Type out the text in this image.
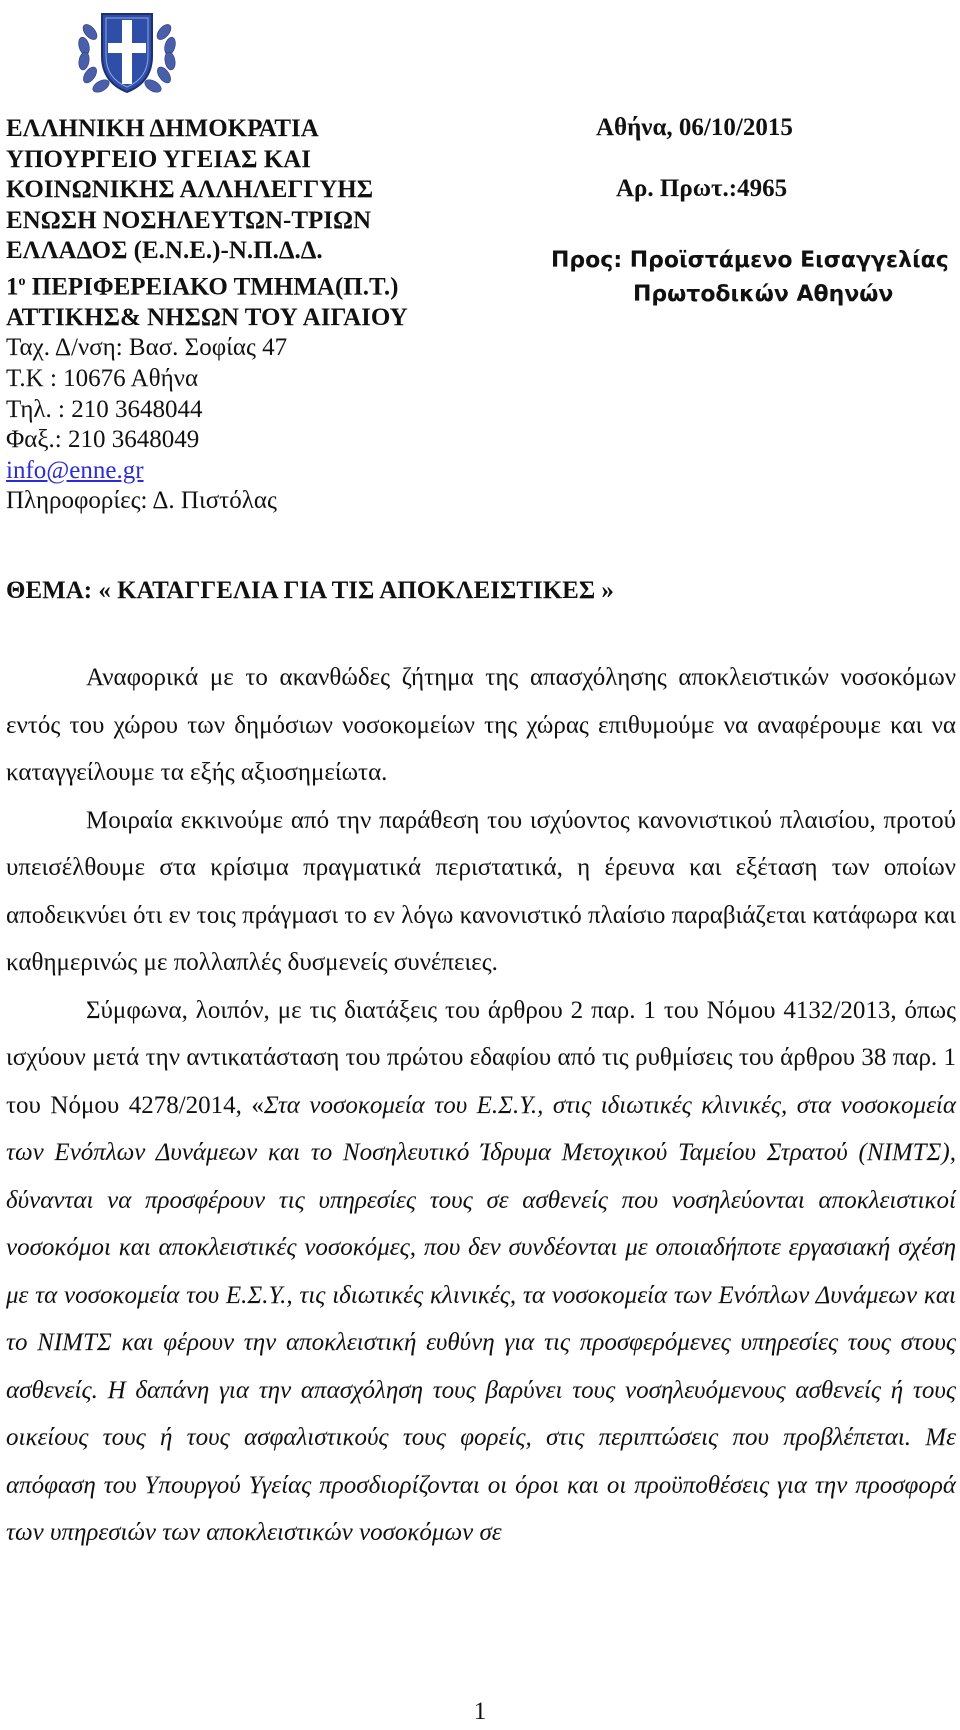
ΕΛΛΗΝΙΚΗ ΔΗΜΟΚΡΑΤΙΑ
ΥΠΟΥΡΓΕΙΟ ΥΓΕΙΑΣ ΚΑΙ
ΚΟΙΝΩΝΙΚΗΣ ΑΛΛΗΛΕΓΓΥΗΣ
ΕΝΩΣΗ ΝΟΣΗΛΕΥΤΩΝ-ΤΡΙΩΝ
ΕΛΛΑΔΟΣ (Ε.Ν.Ε.)-Ν.Π.Δ.Δ.
$1^o$ ΠΕΡΙΦΕΡΕΙΑΚΟ ΤΜΗΜΑ(Π.Τ.)
ΑΤΤΙΚΗΣ& ΝΗΣΩΝ ΤΟΥ ΑΙΓΑΙΟΥ
Ταχ. Δ/νση: Βασ. Σοφίας 47
Τ.Κ : 10676 Αθήνα
Τηλ. : 210 3648044
Φαξ.: 210 3648049
info@enne.gr
Πληροφορίες: Δ. Πιστόλας
Αθήνα, 06/10/2015
Αρ. Πρωτ.:4965
Προς: Προϊστάμενο Εισαγγελίας
Πρωτοδικών Αθηνών
ΘΕΜΑ: « ΚΑΤΑΓΓΕΛΙΑ ΓΙΑ ΤΙΣ ΑΠΟΚΛΕΙΣΤΙΚΕΣ »

Αναφορικά με το ακανθώδες ζήτημα της απασχόλησης αποκλειστικών νοσοκόμων εντός του χώρου των δημόσιων νοσοκομείων της χώρας επιθυμούμε να αναφέρουμε και να καταγγείλουμε τα εξής αξιοσημείωτα.

Μοιραία εκκινούμε από την παράθεση του ισχύοντος κανονιστικού πλαισίου, προτού υπεισέλθουμε στα κρίσιμα πραγματικά περιστατικά, η έρευνα και εξέταση των οποίων αποδεικνύει ότι εν τοις πράγμασι το εν λόγω κανονιστικό πλαίσιο παραβιάζεται κατάφωρα και καθημερινώς με πολλαπλές δυσμενείς συνέπειες.

Σύμφωνα, λοιπόν, με τις διατάξεις του άρθρου 2 παρ. 1 του Νόμου 4132/2013, όπως ισχύουν μετά την αντικατάσταση του πρώτου εδαφίου από τις ρυθμίσεις του άρθρου 38 παρ. 1 του Νόμου 4278/2014, «Στα νοσοκομεία του Ε.Σ.Υ., στις ιδιωτικές κλινικές, στα νοσοκομεία των Ενόπλων Δυνάμεων και το Νοσηλευτικό Ίδρυμα Μετοχικού Ταμείου Στρατού (ΝΙΜΤΣ), δύνανται να προσφέρουν τις υπηρεσίες τους σε ασθενείς που νοσηλεύονται αποκλειστικοί νοσοκόμοι και αποκλειστικές νοσοκόμες, που δεν συνδέονται με οποιαδήποτε εργασιακή σχέση με τα νοσοκομεία του Ε.Σ.Υ., τις ιδιωτικές κλινικές, τα νοσοκομεία των Ενόπλων Δυνάμεων και το ΝΙΜΤΣ και φέρουν την αποκλειστική ευθύνη για τις προσφερόμενες υπηρεσίες τους στους ασθενείς. Η δαπάνη για την απασχόληση τους βαρύνει τους νοσηλευόμενους ασθενείς ή τους οικείους τους ή τους ασφαλιστικούς τους φορείς, στις περιπτώσεις που προβλέπεται. Με απόφαση του Υπουργού Υγείας προσδιορίζονται οι όροι και οι προϋποθέσεις για την προσφορά των υπηρεσιών των αποκλειστικών νοσοκόμων σε

1
